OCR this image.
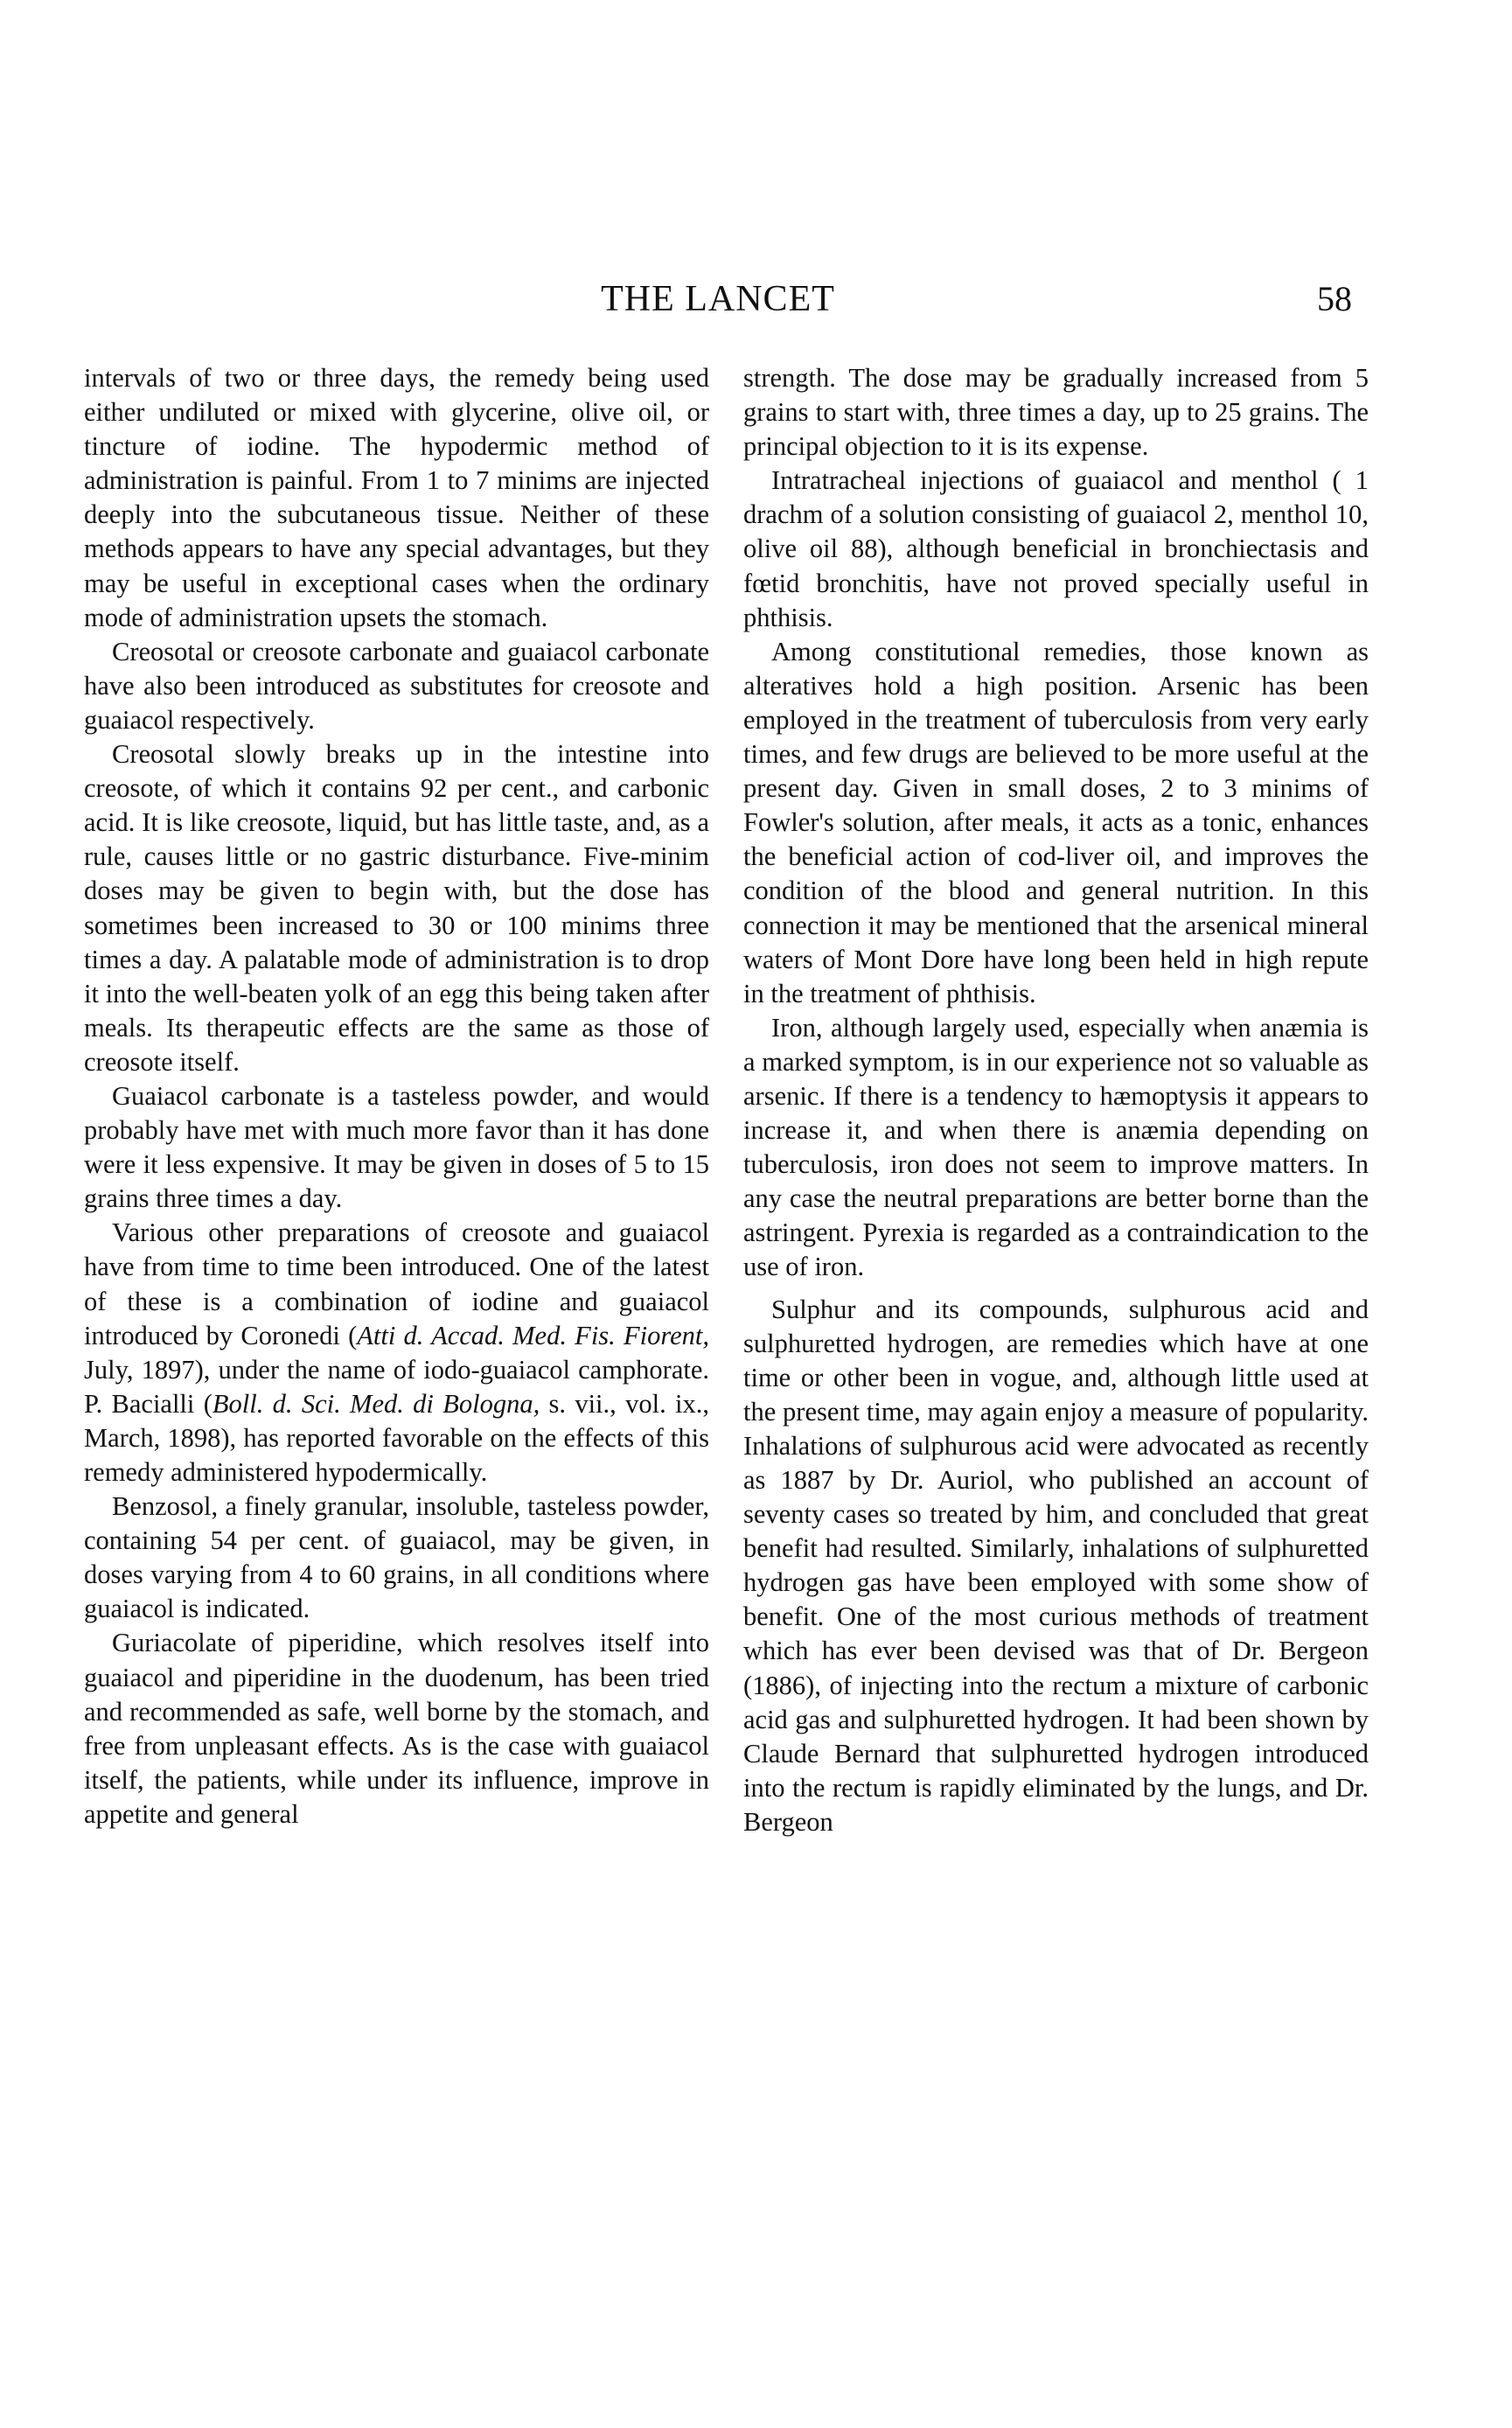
THE LANCET	58

intervals of two or three days, the remedy being used either undiluted or mixed with glycerine, olive oil, or tincture of iodine. The hypodermic method of administration is painful. From 1 to 7 minims are injected deeply into the subcutaneous tissue. Neither of these methods appears to have any special advantages, but they may be useful in exceptional cases when the ordinary mode of administration upsets the stomach.

Creosotal or creosote carbonate and guaiacol carbonate have also been introduced as substitutes for creosote and guaiacol respectively.

Creosotal slowly breaks up in the intestine into creosote, of which it contains 92 per cent., and carbonic acid. It is like creosote, liquid, but has little taste, and, as a rule, causes little or no gastric disturbance. Five-minim doses may be given to begin with, but the dose has sometimes been increased to 30 or 100 minims three times a day. A palatable mode of administration is to drop it into the well-beaten yolk of an egg this being taken after meals. Its therapeutic effects are the same as those of creosote itself.

Guaiacol carbonate is a tasteless powder, and would probably have met with much more favor than it has done were it less expensive. It may be given in doses of 5 to 15 grains three times a day.

Various other preparations of creosote and guaiacol have from time to time been introduced. One of the latest of these is a combination of iodine and guaiacol introduced by Coronedi (Atti d. Accad. Med. Fis. Fiorent, July, 1897), under the name of iodo-guaiacol camphorate. P. Bacialli (Boll. d. Sci. Med. di Bologna, s. vii., vol. ix., March, 1898), has reported favorable on the effects of this remedy administered hypodermically.

Benzosol, a finely granular, insoluble, tasteless powder, containing 54 per cent. of guaiacol, may be given, in doses varying from 4 to 60 grains, in all conditions where guaiacol is indicated.

Guriacolate of piperidine, which resolves itself into guaiacol and piperidine in the duodenum, has been tried and recommended as safe, well borne by the stomach, and free from unpleasant effects. As is the case with guaiacol itself, the patients, while under its influence, improve in appetite and general

strength. The dose may be gradually increased from 5 grains to start with, three times a day, up to 25 grains. The principal objection to it is its expense.

Intratracheal injections of guaiacol and menthol ( 1 drachm of a solution consisting of guaiacol 2, menthol 10, olive oil 88), although beneficial in bronchiectasis and fœtid bronchitis, have not proved specially useful in phthisis.

Among constitutional remedies, those known as alteratives hold a high position. Arsenic has been employed in the treatment of tuberculosis from very early times, and few drugs are believed to be more useful at the present day. Given in small doses, 2 to 3 minims of Fowler's solution, after meals, it acts as a tonic, enhances the beneficial action of cod-liver oil, and improves the condition of the blood and general nutrition. In this connection it may be mentioned that the arsenical mineral waters of Mont Dore have long been held in high repute in the treatment of phthisis.

Iron, although largely used, especially when anæmia is a marked symptom, is in our experience not so valuable as arsenic. If there is a tendency to hæmoptysis it appears to increase it, and when there is anæmia depending on tuberculosis, iron does not seem to improve matters. In any case the neutral preparations are better borne than the astringent. Pyrexia is regarded as a contraindication to the use of iron.

Sulphur and its compounds, sulphurous acid and sulphuretted hydrogen, are remedies which have at one time or other been in vogue, and, although little used at the present time, may again enjoy a measure of popularity. Inhalations of sulphurous acid were advocated as recently as 1887 by Dr. Auriol, who published an account of seventy cases so treated by him, and concluded that great benefit had resulted. Similarly, inhalations of sulphuretted hydrogen gas have been employed with some show of benefit. One of the most curious methods of treatment which has ever been devised was that of Dr. Bergeon (1886), of injecting into the rectum a mixture of carbonic acid gas and sulphuretted hydrogen. It had been shown by Claude Bernard that sulphuretted hydrogen introduced into the rectum is rapidly eliminated by the lungs, and Dr. Bergeon
